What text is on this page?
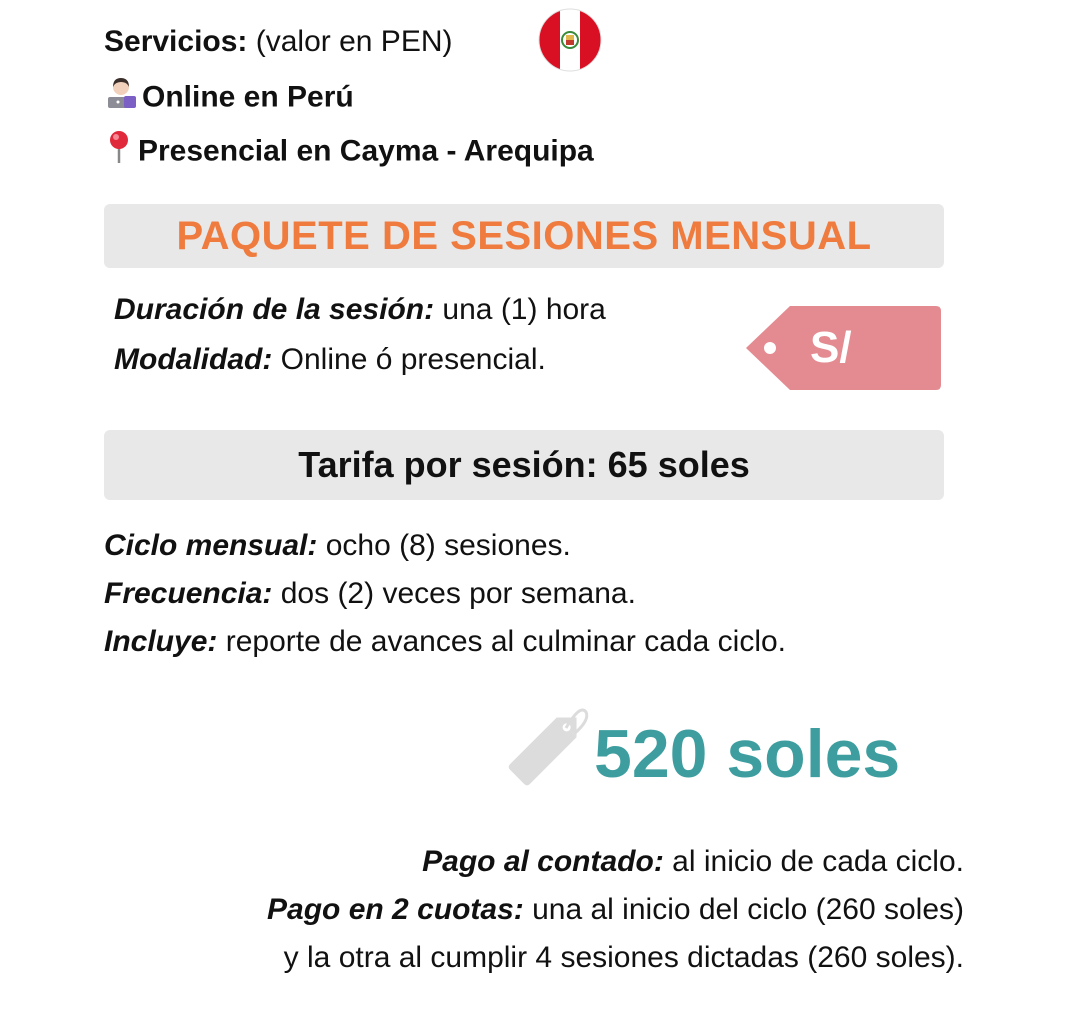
Servicios: (valor en PEN)
Online en Perú
Presencial en Cayma - Arequipa
PAQUETE DE SESIONES MENSUAL
Duración de la sesión: una (1) hora
Modalidad: Online ó presencial.	S/
Tarifa por sesión: 65 soles
Ciclo mensual: ocho (8) sesiones.
Frecuencia: dos (2) veces por semana.
Incluye: reporte de avances al culminar cada ciclo.
520 soles
Pago al contado: al inicio de cada ciclo.
Pago en 2 cuotas: una al inicio del ciclo (260 soles)
y la otra al cumplir 4 sesiones dictadas (260 soles).
